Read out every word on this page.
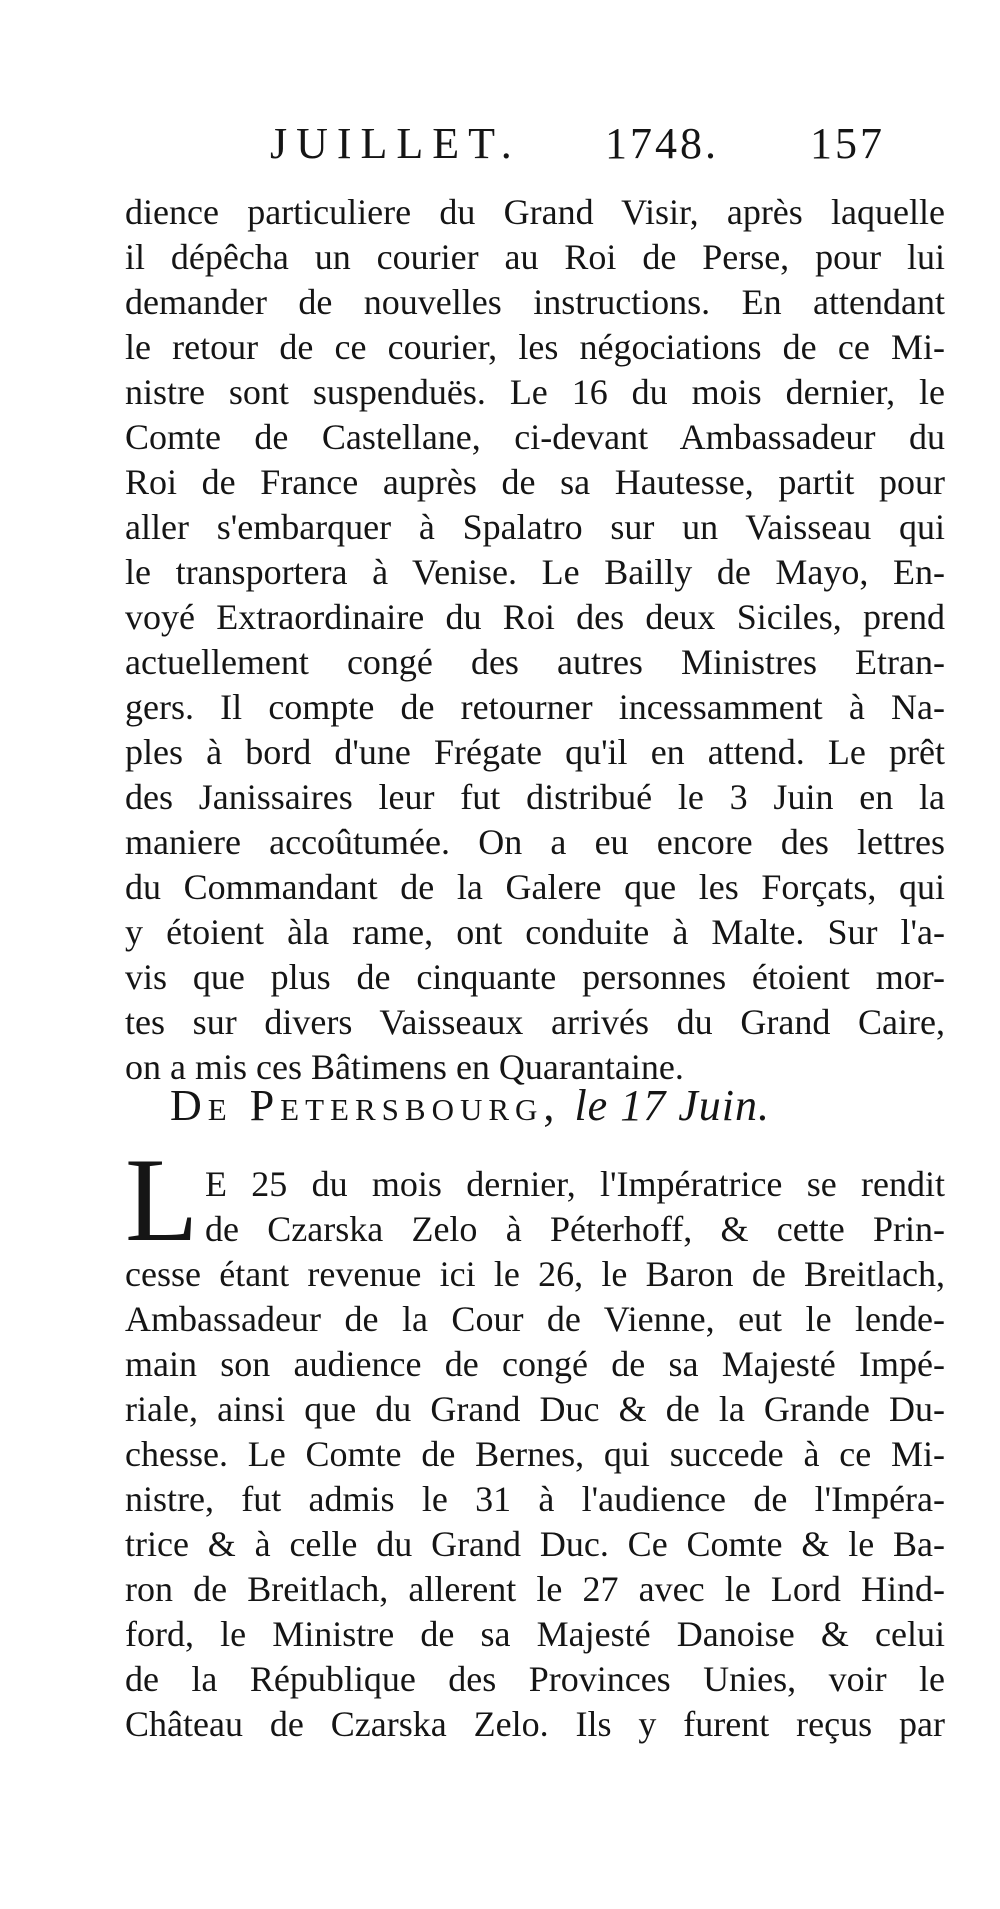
JUILLET. 1748. 157
dience particuliere du Grand Visir, après laquelle
il dépêcha un courier au Roi de Perse, pour lui
demander de nouvelles instructions. En attendant
le retour de ce courier, les négociations de ce Mi-
nistre sont suspenduës. Le 16 du mois dernier, le
Comte de Castellane, ci-devant Ambassadeur du
Roi de France auprès de sa Hautesse, partit pour
aller s'embarquer à Spalatro sur un Vaisseau qui
le transportera à Venise. Le Bailly de Mayo, En-
voyé Extraordinaire du Roi des deux Siciles, prend
actuellement congé des autres Ministres Etran-
gers. Il compte de retourner incessamment à Na-
ples à bord d'une Frégate qu'il en attend. Le prêt
des Janissaires leur fut distribué le 3 Juin en la
maniere accoûtumée. On a eu encore des lettres
du Commandant de la Galere que les Forçats, qui
y étoient àla rame, ont conduite à Malte. Sur l'a-
vis que plus de cinquante personnes étoient mor-
tes sur divers Vaisseaux arrivés du Grand Caire,
on a mis ces Bâtimens en Quarantaine.
De Petersbourg, le 17 Juin.
L E 25 du mois dernier, l'Impératrice se rendit
de Czarska Zelo à Péterhoff, & cette Prin-
cesse étant revenue ici le 26, le Baron de Breitlach,
Ambassadeur de la Cour de Vienne, eut le lende-
main son audience de congé de sa Majesté Impé-
riale, ainsi que du Grand Duc & de la Grande Du-
chesse. Le Comte de Bernes, qui succede à ce Mi-
nistre, fut admis le 31 à l'audience de l'Impéra-
trice & à celle du Grand Duc. Ce Comte & le Ba-
ron de Breitlach, allerent le 27 avec le Lord Hind-
ford, le Ministre de sa Majesté Danoise & celui
de la République des Provinces Unies, voir le
Château de Czarska Zelo. Ils y furent reçus par
